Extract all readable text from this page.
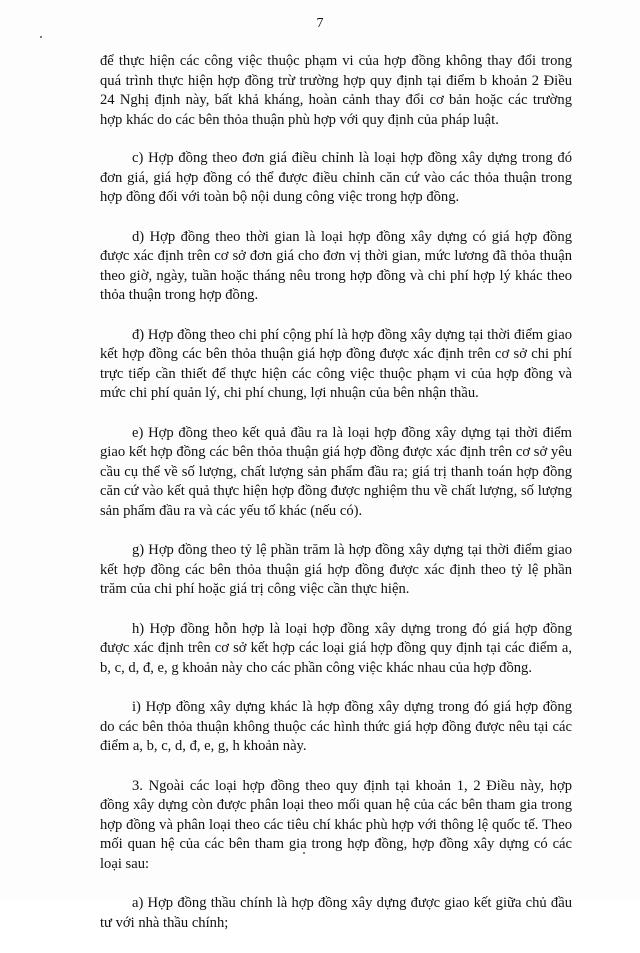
7

để thực hiện các công việc thuộc phạm vi của hợp đồng không thay đổi trong quá trình thực hiện hợp đồng trừ trường hợp quy định tại điểm b khoản 2 Điều 24 Nghị định này, bất khả kháng, hoàn cảnh thay đổi cơ bản hoặc các trường hợp khác do các bên thỏa thuận phù hợp với quy định của pháp luật.

c) Hợp đồng theo đơn giá điều chỉnh là loại hợp đồng xây dựng trong đó đơn giá, giá hợp đồng có thể được điều chỉnh căn cứ vào các thỏa thuận trong hợp đồng đối với toàn bộ nội dung công việc trong hợp đồng.

d) Hợp đồng theo thời gian là loại hợp đồng xây dựng có giá hợp đồng được xác định trên cơ sở đơn giá cho đơn vị thời gian, mức lương đã thỏa thuận theo giờ, ngày, tuần hoặc tháng nêu trong hợp đồng và chi phí hợp lý khác theo thỏa thuận trong hợp đồng.

đ) Hợp đồng theo chi phí cộng phí là hợp đồng xây dựng tại thời điểm giao kết hợp đồng các bên thỏa thuận giá hợp đồng được xác định trên cơ sở chi phí trực tiếp cần thiết để thực hiện các công việc thuộc phạm vi của hợp đồng và mức chi phí quản lý, chi phí chung, lợi nhuận của bên nhận thầu.

e) Hợp đồng theo kết quả đầu ra là loại hợp đồng xây dựng tại thời điểm giao kết hợp đồng các bên thỏa thuận giá hợp đồng được xác định trên cơ sở yêu cầu cụ thể về số lượng, chất lượng sản phẩm đầu ra; giá trị thanh toán hợp đồng căn cứ vào kết quả thực hiện hợp đồng được nghiệm thu về chất lượng, số lượng sản phẩm đầu ra và các yếu tố khác (nếu có).

g) Hợp đồng theo tỷ lệ phần trăm là hợp đồng xây dựng tại thời điểm giao kết hợp đồng các bên thỏa thuận giá hợp đồng được xác định theo tỷ lệ phần trăm của chi phí hoặc giá trị công việc cần thực hiện.

h) Hợp đồng hỗn hợp là loại hợp đồng xây dựng trong đó giá hợp đồng được xác định trên cơ sở kết hợp các loại giá hợp đồng quy định tại các điểm a, b, c, d, đ, e, g khoản này cho các phần công việc khác nhau của hợp đồng.

i) Hợp đồng xây dựng khác là hợp đồng xây dựng trong đó giá hợp đồng do các bên thỏa thuận không thuộc các hình thức giá hợp đồng được nêu tại các điểm a, b, c, d, đ, e, g, h khoản này.

3. Ngoài các loại hợp đồng theo quy định tại khoản 1, 2 Điều này, hợp đồng xây dựng còn được phân loại theo mối quan hệ của các bên tham gia trong hợp đồng và phân loại theo các tiêu chí khác phù hợp với thông lệ quốc tế. Theo mối quan hệ của các bên tham gia trong hợp đồng, hợp đồng xây dựng có các loại sau:

a) Hợp đồng thầu chính là hợp đồng xây dựng được giao kết giữa chủ đầu tư với nhà thầu chính;
